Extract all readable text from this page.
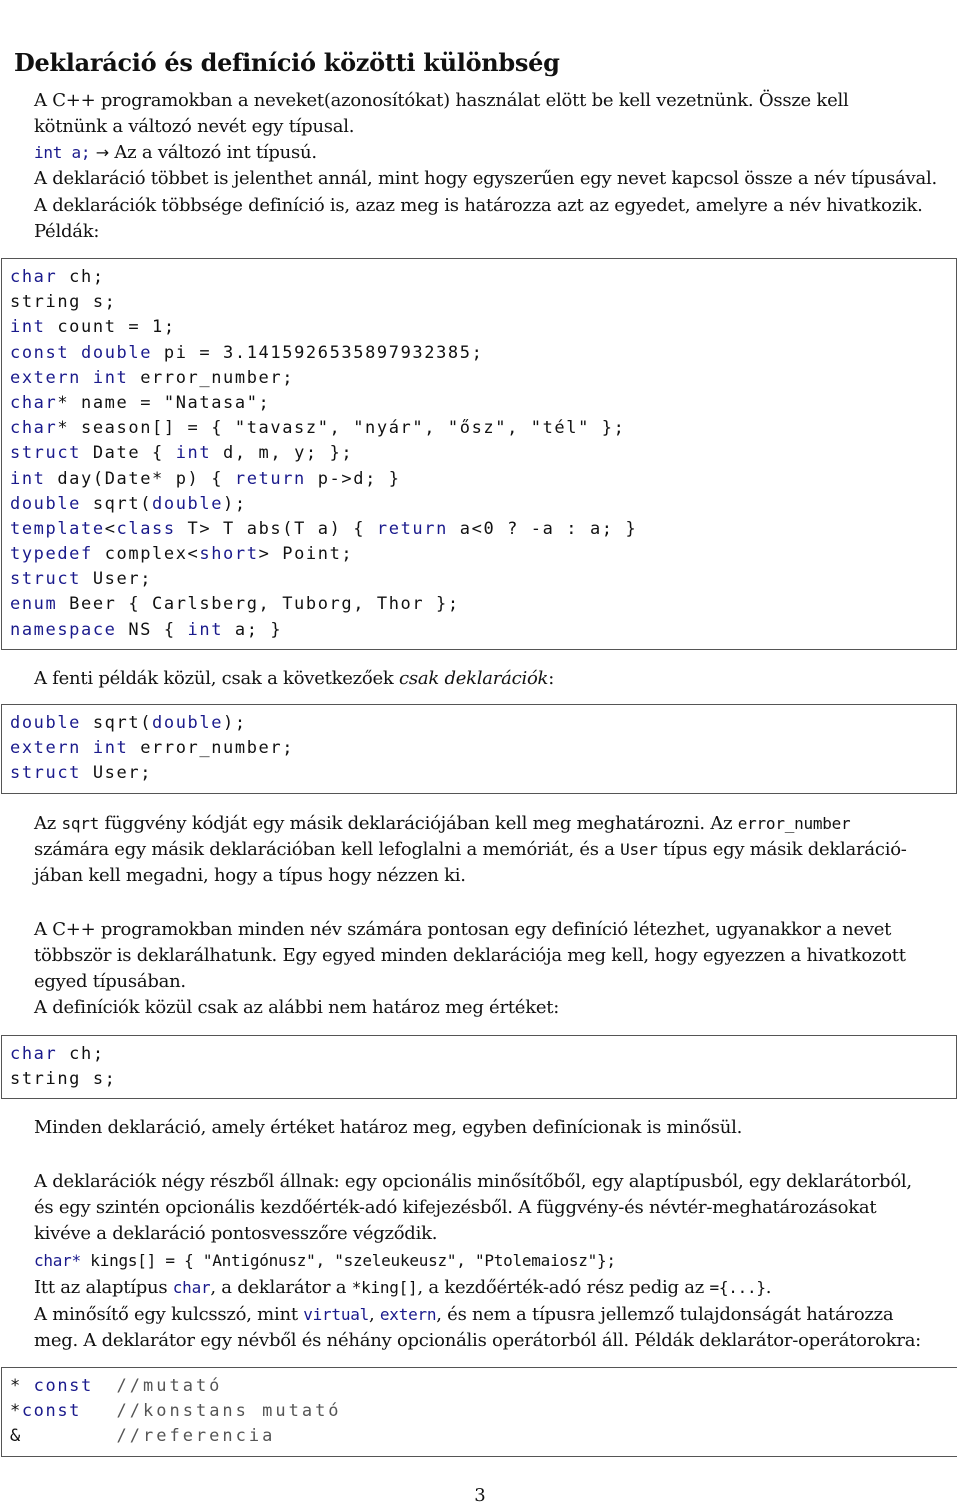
Deklaráció és definíció közötti különbség
A C++ programokban a neveket(azonosítókat) használat elött be kell vezetnünk. Össze kell
kötnünk a változó nevét egy típusal.
int a; → Az a változó int típusú.
A deklaráció többet is jelenthet annál, mint hogy egyszerűen egy nevet kapcsol össze a név típusával.
A deklarációk többsége definíció is, azaz meg is határozza azt az egyedet, amelyre a név hivatkozik.
Példák:
char ch;
string s;
int count = 1;
const double pi = 3.1415926535897932385;
extern int error_number;
char* name = "Natasa";
char* season[] = { "tavasz", "nyár", "ősz", "tél" };
struct Date { int d, m, y; };
int day(Date* p) { return p->d; }
double sqrt(double);
template<class T> T abs(T a) { return a<0 ? -a : a; }
typedef complex<short> Point;
struct User;
enum Beer { Carlsberg, Tuborg, Thor };
namespace NS { int a; }
A fenti példák közül, csak a következőek csak deklarációk:
double sqrt(double);
extern int error_number;
struct User;
Az sqrt függvény kódját egy másik deklarációjában kell meg meghatározni. Az error_number
számára egy másik deklarációban kell lefoglalni a memóriát, és a User típus egy másik deklaráció-
jában kell megadni, hogy a típus hogy nézzen ki.
A C++ programokban minden név számára pontosan egy definíció létezhet, ugyanakkor a nevet
többször is deklarálhatunk. Egy egyed minden deklarációja meg kell, hogy egyezzen a hivatkozott
egyed típusában.
A definíciók közül csak az alábbi nem határoz meg értéket:
char ch;
string s;
Minden deklaráció, amely értéket határoz meg, egyben definícionak is minősül.
A deklarációk négy részből állnak: egy opcionális minősítőből, egy alaptípusból, egy deklarátorból,
és egy szintén opcionális kezdőérték-adó kifejezésből. A függvény-és névtér-meghatározásokat
kivéve a deklaráció pontosvesszőre végződik.
char* kings[] = { "Antigónusz", "szeleukeusz", "Ptolemaiosz"};
Itt az alaptípus char, a deklarátor a *king[], a kezdőérték-adó rész pedig az ={...}.
A minősítő egy kulcsszó, mint virtual, extern, és nem a típusra jellemző tulajdonságát határozza
meg. A deklarátor egy névből és néhány opcionális operátorból áll. Példák deklarátor-operátorokra:
* const //mutató
*const //konstans mutató
&        //referencia
3
